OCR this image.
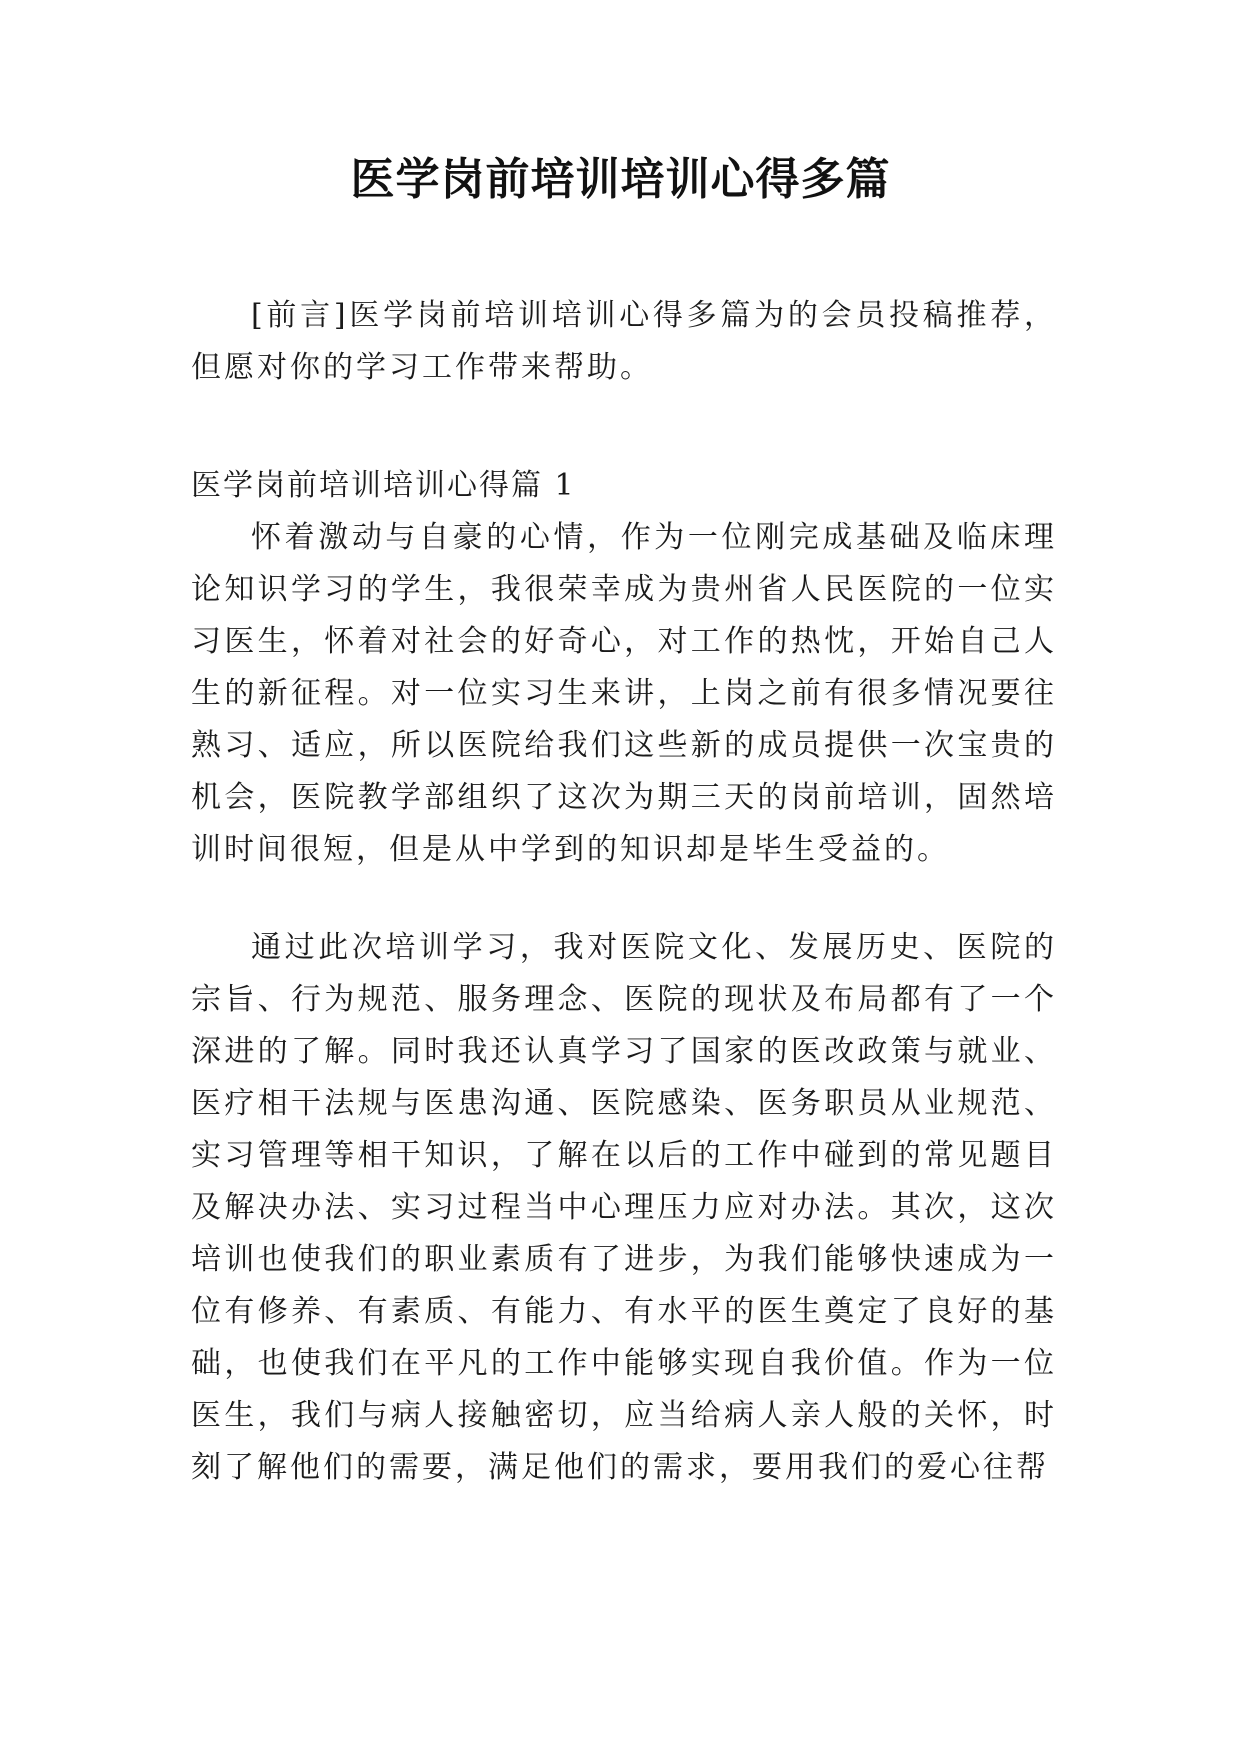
医学岗前培训培训心得多篇

[前言]医学岗前培训培训心得多篇为的会员投稿推荐，但愿对你的学习工作带来帮助。

医学岗前培训培训心得篇 1

怀着激动与自豪的心情，作为一位刚完成基础及临床理论知识学习的学生，我很荣幸成为贵州省人民医院的一位实习医生，怀着对社会的好奇心，对工作的热忱，开始自己人生的新征程。对一位实习生来讲，上岗之前有很多情况要往熟习、适应，所以医院给我们这些新的成员提供一次宝贵的机会，医院教学部组织了这次为期三天的岗前培训，固然培训时间很短，但是从中学到的知识却是毕生受益的。

通过此次培训学习，我对医院文化、发展历史、医院的宗旨、行为规范、服务理念、医院的现状及布局都有了一个深进的了解。同时我还认真学习了国家的医改政策与就业、医疗相干法规与医患沟通、医院感染、医务职员从业规范、实习管理等相干知识，了解在以后的工作中碰到的常见题目及解决办法、实习过程当中心理压力应对办法。其次，这次培训也使我们的职业素质有了进步，为我们能够快速成为一位有修养、有素质、有能力、有水平的医生奠定了良好的基础，也使我们在平凡的工作中能够实现自我价值。作为一位医生，我们与病人接触密切，应当给病人亲人般的关怀，时刻了解他们的需要，满足他们的需求，要用我们的爱心往帮
